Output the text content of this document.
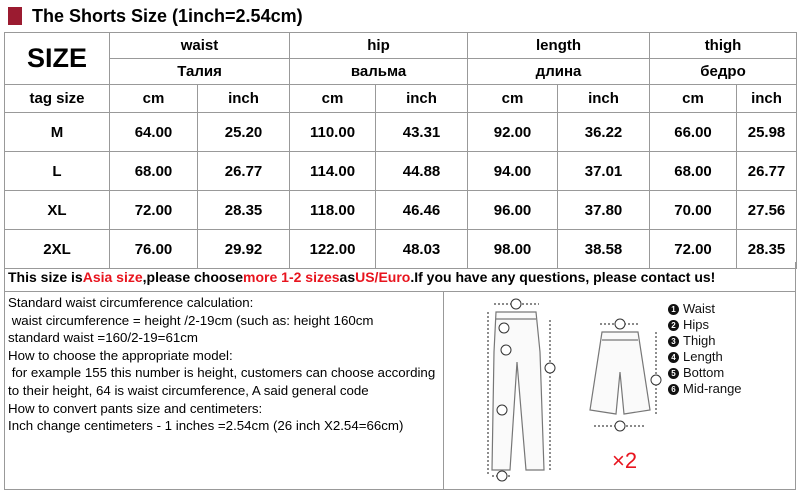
The Shorts Size (1inch=2.54cm)
SIZE	waist		hip		length		thigh	
	Талия		вальма		длина		бедро	
tag size	cm	inch	cm	inch	cm	inch	cm	inch
M	64.00	25.20	110.00	43.31	92.00	36.22	66.00	25.98
L	68.00	26.77	114.00	44.88	94.00	37.01	68.00	26.77
XL	72.00	28.35	118.00	46.46	96.00	37.80	70.00	27.56
2XL	76.00	29.92	122.00	48.03	98.00	38.58	72.00	28.35
This size is Asia size ,please choose more 1-2 sizes as US/Euro .If you have any questions, please contact us!
Standard waist circumference calculation:
waist circumference = height /2-19cm (such as: height 160cm
standard waist =160/2-19=61cm
How to choose the appropriate model:
for example 155 this number is height, customers can choose according to their height, 64 is waist circumference, A said general code
How to convert pants size and centimeters:
Inch change centimeters - 1 inches =2.54cm (26 inch X2.54=66cm)
1 Waist
2 Hips
3 Thigh
4 Length
5 Bottom
6 Mid-range
×2
